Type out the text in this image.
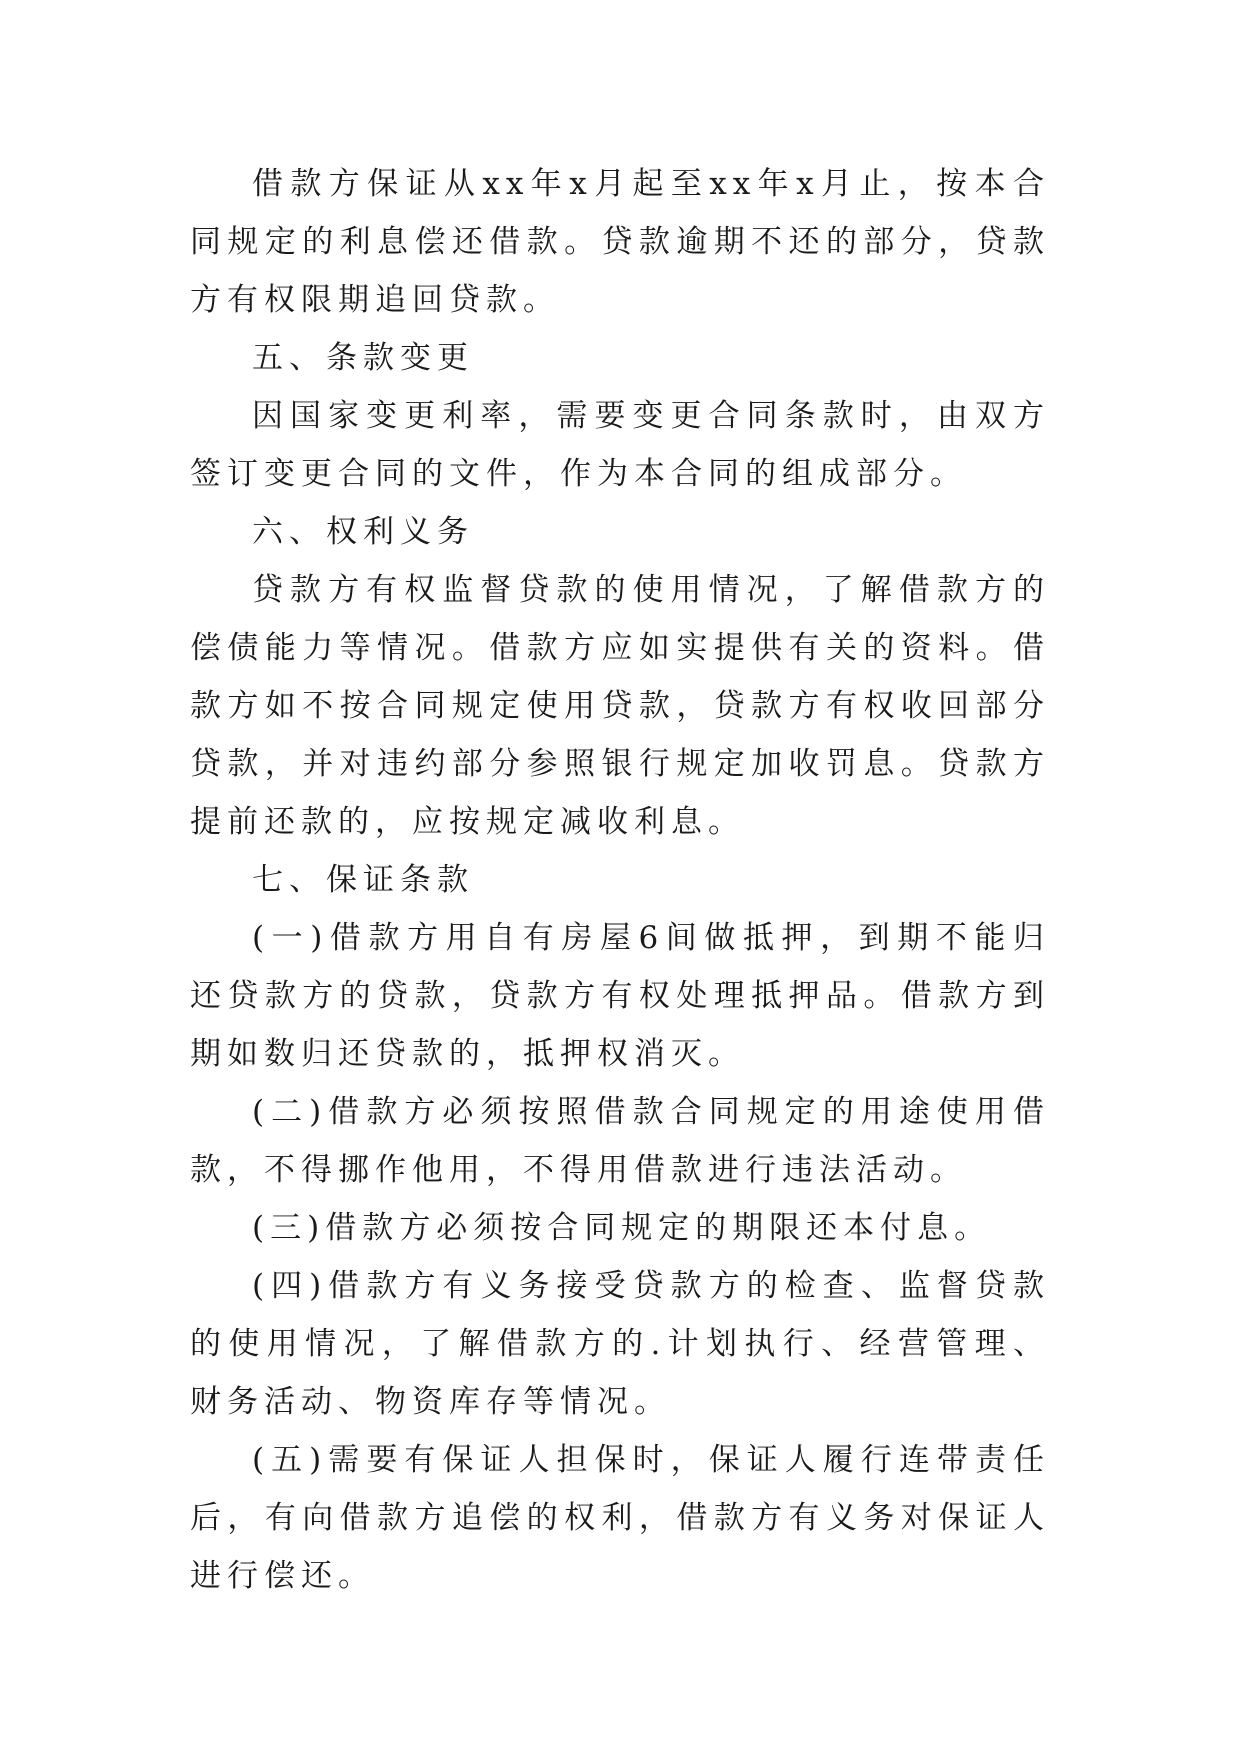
借款方保证从xx年x月起至xx年x月止，按本合同规定的利息偿还借款。贷款逾期不还的部分，贷款方有权限期追回贷款。

五、条款变更

因国家变更利率，需要变更合同条款时，由双方签订变更合同的文件，作为本合同的组成部分。

六、权利义务

贷款方有权监督贷款的使用情况，了解借款方的偿债能力等情况。借款方应如实提供有关的资料。借款方如不按合同规定使用贷款，贷款方有权收回部分贷款，并对违约部分参照银行规定加收罚息。贷款方提前还款的，应按规定减收利息。

七、保证条款

(一)借款方用自有房屋6间做抵押，到期不能归还贷款方的贷款，贷款方有权处理抵押品。借款方到期如数归还贷款的，抵押权消灭。

(二)借款方必须按照借款合同规定的用途使用借款，不得挪作他用，不得用借款进行违法活动。

(三)借款方必须按合同规定的期限还本付息。

(四)借款方有义务接受贷款方的检查、监督贷款的使用情况，了解借款方的.计划执行、经营管理、财务活动、物资库存等情况。

(五)需要有保证人担保时，保证人履行连带责任后，有向借款方追偿的权利，借款方有义务对保证人进行偿还。
